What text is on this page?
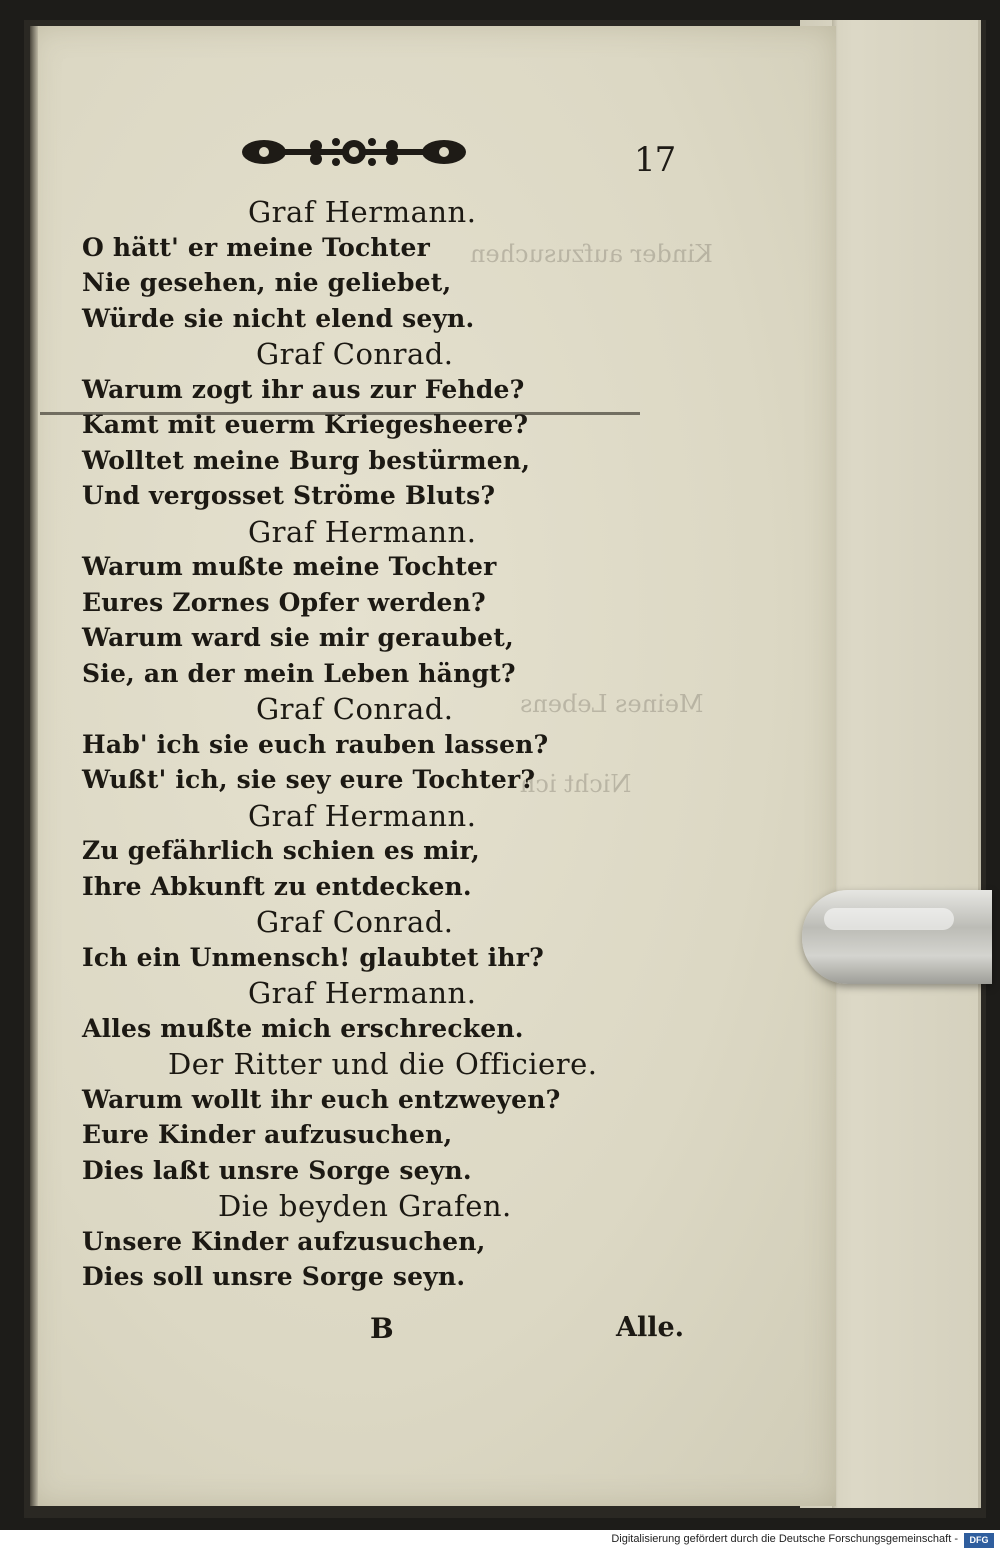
Kinder aufzusuchen
Meines Lebens
Nicht ich
17
Graf Hermann.
O hätt' er meine Tochter
Nie gesehen, nie geliebet,
Würde sie nicht elend seyn.
Graf Conrad.
Warum zogt ihr aus zur Fehde?
Kamt mit euerm Kriegesheere?
Wolltet meine Burg bestürmen,
Und vergosset Ströme Bluts?
Graf Hermann.
Warum mußte meine Tochter
Eures Zornes Opfer werden?
Warum ward sie mir geraubet,
Sie, an der mein Leben hängt?
Graf Conrad.
Hab' ich sie euch rauben lassen?
Wußt' ich, sie sey eure Tochter?
Graf Hermann.
Zu gefährlich schien es mir,
Ihre Abkunft zu entdecken.
Graf Conrad.
Ich ein Unmensch! glaubtet ihr?
Graf Hermann.
Alles mußte mich erschrecken.
Der Ritter und die Officiere.
Warum wollt ihr euch entzweyen?
Eure Kinder aufzusuchen,
Dies laßt unsre Sorge seyn.
Die beyden Grafen.
Unsere Kinder aufzusuchen,
Dies soll unsre Sorge seyn.
B	Alle.
Digitalisierung gefördert durch die Deutsche Forschungsgemeinschaft -	DFG
